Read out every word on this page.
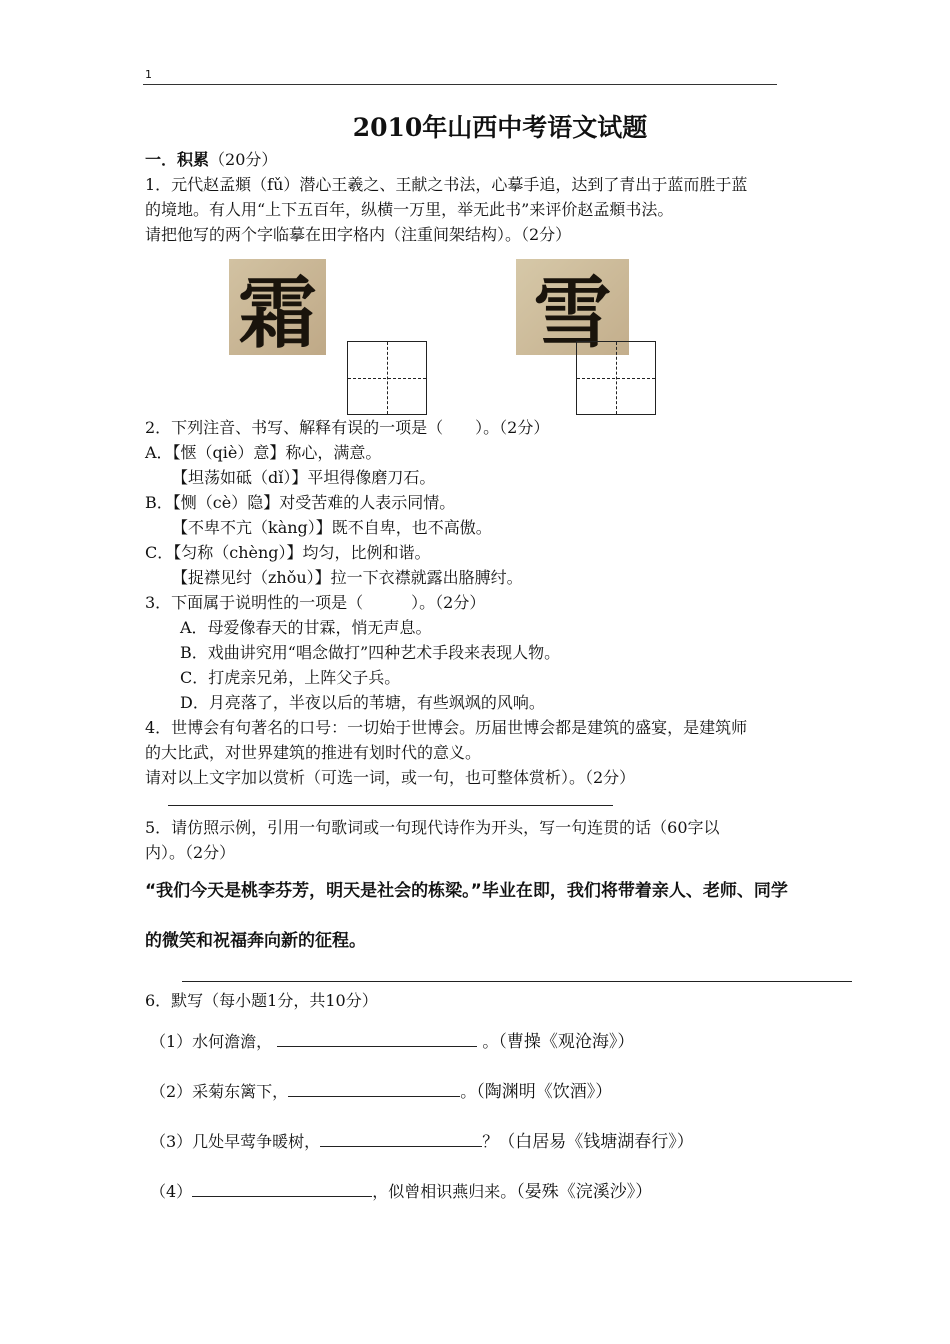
1
2010年山西中考语文试题
一．积累（20分）
1．元代赵孟頫（fǔ）潜心王羲之、王献之书法，心摹手追，达到了青出于蓝而胜于蓝
的境地。有人用“上下五百年，纵横一万里，举无此书”来评价赵孟頫书法。
请把他写的两个字临摹在田字格内（注重间架结构）。（2分）
霜	雪
2．下列注音、书写、解释有误的一项是（　　）。（2分）
A．【惬（qiè）意】称心，满意。
【坦荡如砥（dǐ）】平坦得像磨刀石。
B．【恻（cè）隐】对受苦难的人表示同情。
【不卑不亢（kàng）】既不自卑，也不高傲。
C．【匀称（chèng）】均匀，比例和谐。
【捉襟见纣（zhǒu）】拉一下衣襟就露出胳膊纣。
3．下面属于说明性的一项是（　　　）。（2分）
A．母爱像春天的甘霖，悄无声息。
B．戏曲讲究用“唱念做打”四种艺术手段来表现人物。
C．打虎亲兄弟，上阵父子兵。
D．月亮落了，半夜以后的苇塘，有些飒飒的风响。
4．世博会有句著名的口号：一切始于世博会。历届世博会都是建筑的盛宴，是建筑师
的大比武，对世界建筑的推进有划时代的意义。
请对以上文字加以赏析（可选一词，或一句，也可整体赏析）。（2分）
5．请仿照示例，引用一句歌词或一句现代诗作为开头，写一句连贯的话（60字以
内）。（2分）
“我们今天是桃李芬芳，明天是社会的栋梁。”毕业在即，我们将带着亲人、老师、同学
的微笑和祝福奔向新的征程。
6．默写（每小题1分，共10分）
（1）水何澹澹，	。（曹操《观沧海》）
（2）采菊东篱下，	。（陶渊明《饮酒》）
（3）几处早莺争暖树，	？（白居易《钱塘湖春行》）
（4）	，似曾相识燕归来。（晏殊《浣溪沙》）
